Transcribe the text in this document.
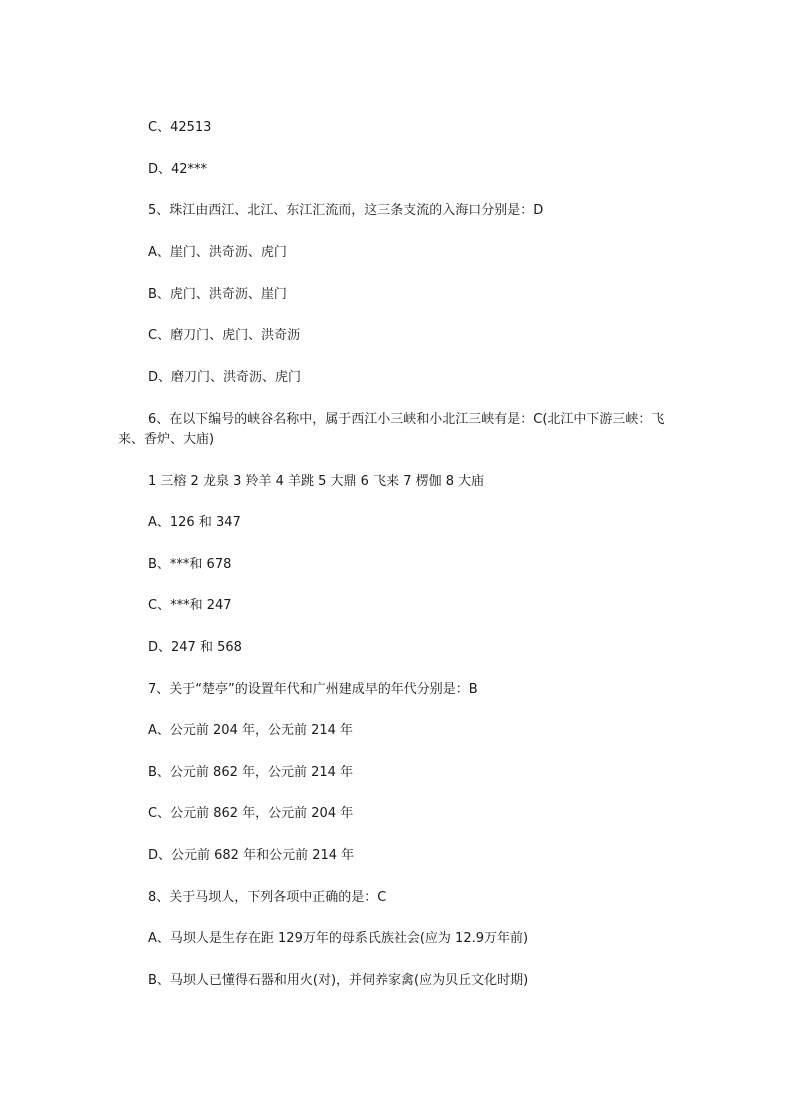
C、42513
D、42***
5、珠江由西江、北江、东江汇流而，这三条支流的入海口分别是：D
A、崖门、洪奇沥、虎门
B、虎门、洪奇沥、崖门
C、磨刀门、虎门、洪奇沥
D、磨刀门、洪奇沥、虎门
6、在以下编号的峡谷名称中，属于西江小三峡和小北江三峡有是：C(北江中下游三峡：飞来、香炉、大庙)
1 三榕 2 龙泉 3 羚羊 4 羊跳 5 大鼎 6 飞来 7 楞伽 8 大庙
A、126 和 347
B、***和 678
C、***和 247
D、247 和 568
7、关于“楚亭”的设置年代和广州建成早的年代分别是：B
A、公元前 204 年，公无前 214 年
B、公元前 862 年，公元前 214 年
C、公元前 862 年，公元前 204 年
D、公元前 682 年和公元前 214 年
8、关于马坝人，下列各项中正确的是：C
A、马坝人是生存在距 129万年的母系氏族社会(应为 12.9万年前)
B、马坝人已懂得石器和用火(对)，并伺养家禽(应为贝丘文化时期)
